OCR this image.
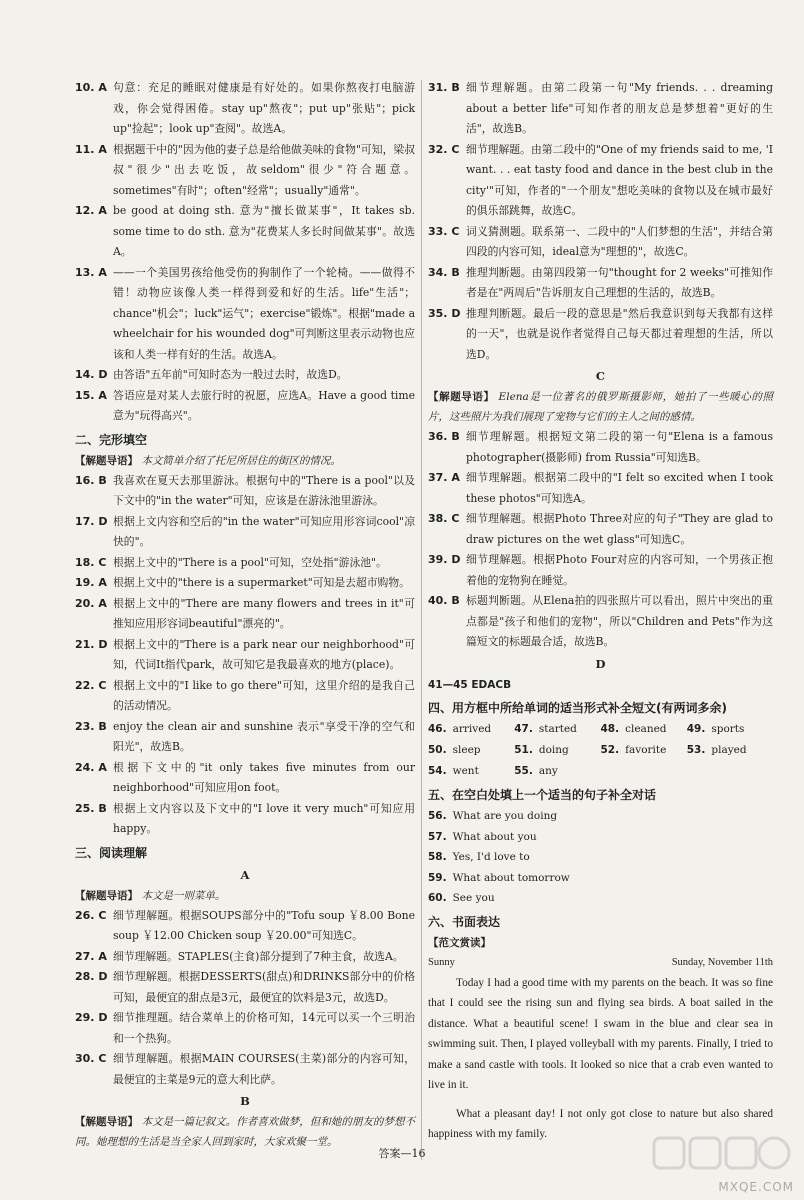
10. A 句意：充足的睡眠对健康是有好处的。如果你熬夜打电脑游戏，你会觉得困倦。stay up"熬夜"；put up"张贴"；pick up"捡起"；look up"查阅"。故选A。
11. A 根据题干中的"因为他的妻子总是给他做美味的食物"可知，梁叔叔"很少"出去吃饭，故seldom"很少"符合题意。sometimes"有时"；often"经常"；usually"通常"。
12. A be good at doing sth. 意为"擅长做某事"，It takes sb. some time to do sth. 意为"花费某人多长时间做某事"。故选A。
13. A ——一个美国男孩给他受伤的狗制作了一个轮椅。——做得不错！动物应该像人类一样得到爱和好的生活。life"生活"；chance"机会"；luck"运气"；exercise"锻炼"。根据"made a wheelchair for his wounded dog"可判断这里表示动物也应该和人类一样有好的生活。故选A。
14. D 由答语"五年前"可知时态为一般过去时，故选D。
15. A 答语应是对某人去旅行时的祝愿，应选A。Have a good time意为"玩得高兴"。
二、完形填空
【解题导语】 本文简单介绍了托尼所居住的街区的情况。
16. B 我喜欢在夏天去那里游泳。根据句中的"There is a pool"以及下文中的"in the water"可知，应该是在游泳池里游泳。
17. D 根据上文内容和空后的"in the water"可知应用形容词cool"凉快的"。
18. C 根据上文中的"There is a pool"可知，空处指"游泳池"。
19. A 根据上文中的"there is a supermarket"可知是去超市购物。
20. A 根据上文中的"There are many flowers and trees in it"可推知应用形容词beautiful"漂亮的"。
21. D 根据上文中的"There is a park near our neighborhood"可知，代词It指代park，故可知它是我最喜欢的地方(place)。
22. C 根据上文中的"I like to go there"可知，这里介绍的是我自己的活动情况。
23. B enjoy the clean air and sunshine 表示"享受干净的空气和阳光"，故选B。
24. A 根据下文中的"it only takes five minutes from our neighborhood"可知应用on foot。
25. B 根据上文内容以及下文中的"I love it very much"可知应用happy。
三、阅读理解
A
【解题导语】 本文是一则菜单。
26. C 细节理解题。根据SOUPS部分中的"Tofu soup ￥8.00 Bone soup ￥12.00 Chicken soup ￥20.00"可知选C。
27. A 细节理解题。STAPLES(主食)部分提到了7种主食，故选A。
28. D 细节理解题。根据DESSERTS(甜点)和DRINKS部分中的价格可知，最便宜的甜点是3元，最便宜的饮料是3元，故选D。
29. D 细节推理题。结合菜单上的价格可知，14元可以买一个三明治和一个热狗。
30. C 细节理解题。根据MAIN COURSES(主菜)部分的内容可知，最便宜的主菜是9元的意大利比萨。
B
【解题导语】 本文是一篇记叙文。作者喜欢做梦，但和她的朋友的梦想不同。她理想的生活是当全家人回到家时，大家欢聚一堂。
31. B 细节理解题。由第二段第一句"My friends. . . dreaming about a better life"可知作者的朋友总是梦想着"更好的生活"，故选B。
32. C 细节理解题。由第二段中的"One of my friends said to me, 'I want. . . eat tasty food and dance in the best club in the city'"可知，作者的"一个朋友"想吃美味的食物以及在城市最好的俱乐部跳舞，故选C。
33. C 词义猜测题。联系第一、二段中的"人们梦想的生活"，并结合第四段的内容可知，ideal意为"理想的"，故选C。
34. B 推理判断题。由第四段第一句"thought for 2 weeks"可推知作者是在"两周后"告诉朋友自己理想的生活的，故选B。
35. D 推理判断题。最后一段的意思是"然后我意识到每天我都有这样的一天"，也就是说作者觉得自己每天都过着理想的生活，所以选D。
C
【解题导语】 Elena是一位著名的俄罗斯摄影师，她拍了一些暖心的照片，这些照片为我们展现了宠物与它们的主人之间的感情。
36. B 细节理解题。根据短文第二段的第一句"Elena is a famous photographer(摄影师) from Russia"可知选B。
37. A 细节理解题。根据第二段中的"I felt so excited when I took these photos"可知选A。
38. C 细节理解题。根据Photo Three对应的句子"They are glad to draw pictures on the wet glass"可知选C。
39. D 细节理解题。根据Photo Four对应的内容可知，一个男孩正抱着他的宠物狗在睡觉。
40. B 标题判断题。从Elena拍的四张照片可以看出，照片中突出的重点都是"孩子和他们的宠物"，所以"Children and Pets"作为这篇短文的标题最合适，故选B。
D
41—45 EDACB
四、用方框中所给单词的适当形式补全短文(有两词多余)
46. arrived	47. started	48. cleaned	49. sports
50. sleep	51. doing	52. favorite	53. played
54. went	55. any
五、在空白处填上一个适当的句子补全对话
56. What are you doing
57. What about you
58. Yes, I'd love to
59. What about tomorrow
60. See you
六、书面表达
【范文赏读】
Sunny	Sunday, November 11th

Today I had a good time with my parents on the beach. It was so fine that I could see the rising sun and flying sea birds. A boat sailed in the distance. What a beautiful scene! I swam in the blue and clear sea in swimming suit. Then, I played volleyball with my parents. Finally, I tried to make a sand castle with tools. It looked so nice that a crab even wanted to live in it.

What a pleasant day! I not only got close to nature but also shared happiness with my family.

答案—16
MXQE.COM
